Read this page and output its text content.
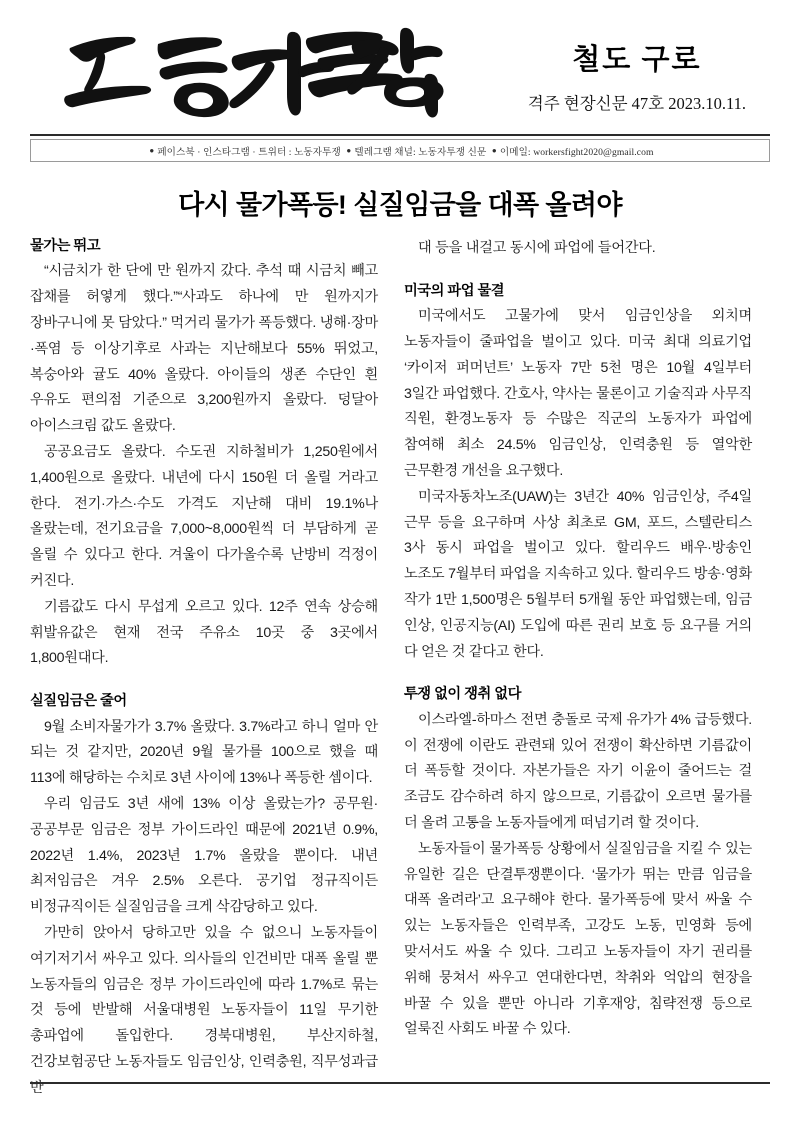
철도 구로
격주 현장신문 47호 2023.10.11.
● 페이스북 · 인스타그램 · 트위터 : 노동자투쟁 ● 텔레그램 채널: 노동자투쟁 신문 ● 이메일: workersfight2020@gmail.com
다시 물가폭등! 실질임금을 대폭 올려야
물가는 뛰고

“시금치가 한 단에 만 원까지 갔다. 추석 때 시금치 빼고 잡채를 허옇게 했다.”“사과도 하나에 만 원까지가 장바구니에 못 담았다.” 먹거리 물가가 폭등했다. 냉해·장마·폭염 등 이상기후로 사과는 지난해보다 55% 뛰었고, 복숭아와 귤도 40% 올랐다. 아이들의 생존 수단인 흰 우유도 편의점 기준으로 3,200원까지 올랐다. 덩달아 아이스크림 값도 올랐다.

공공요금도 올랐다. 수도권 지하철비가 1,250원에서 1,400원으로 올랐다. 내년에 다시 150원 더 올릴 거라고 한다. 전기·가스·수도 가격도 지난해 대비 19.1%나 올랐는데, 전기요금을 7,000~8,000원씩 더 부담하게 곧 올릴 수 있다고 한다. 겨울이 다가올수록 난방비 걱정이 커진다.

기름값도 다시 무섭게 오르고 있다. 12주 연속 상승해 휘발유값은 현재 전국 주유소 10곳 중 3곳에서 1,800원대다.

실질임금은 줄어

9월 소비자물가가 3.7% 올랐다. 3.7%라고 하니 얼마 안 되는 것 같지만, 2020년 9월 물가를 100으로 했을 때 113에 해당하는 수치로 3년 사이에 13%나 폭등한 셈이다.

우리 임금도 3년 새에 13% 이상 올랐는가? 공무원·공공부문 임금은 정부 가이드라인 때문에 2021년 0.9%, 2022년 1.4%, 2023년 1.7% 올랐을 뿐이다. 내년 최저임금은 겨우 2.5% 오른다. 공기업 정규직이든 비정규직이든 실질임금을 크게 삭감당하고 있다.

가만히 앉아서 당하고만 있을 수 없으니 노동자들이 여기저기서 싸우고 있다. 의사들의 인건비만 대폭 올릴 뿐 노동자들의 임금은 정부 가이드라인에 따라 1.7%로 묶는 것 등에 반발해 서울대병원 노동자들이 11일 무기한 총파업에 돌입한다. 경북대병원, 부산지하철, 건강보험공단 노동자들도 임금인상, 인력충원, 직무성과급 반

대 등을 내걸고 동시에 파업에 들어간다.

미국의 파업 물결

미국에서도 고물가에 맞서 임금인상을 외치며 노동자들이 줄파업을 벌이고 있다. 미국 최대 의료기업 ‘카이저 퍼머넌트’ 노동자 7만 5천 명은 10월 4일부터 3일간 파업했다. 간호사, 약사는 물론이고 기술직과 사무직 직원, 환경노동자 등 수많은 직군의 노동자가 파업에 참여해 최소 24.5% 임금인상, 인력충원 등 열악한 근무환경 개선을 요구했다.

미국자동차노조(UAW)는 3년간 40% 임금인상, 주4일 근무 등을 요구하며 사상 최초로 GM, 포드, 스텔란티스 3사 동시 파업을 벌이고 있다. 할리우드 배우·방송인 노조도 7월부터 파업을 지속하고 있다. 할리우드 방송·영화 작가 1만 1,500명은 5월부터 5개월 동안 파업했는데, 임금 인상, 인공지능(AI) 도입에 따른 권리 보호 등 요구를 거의 다 얻은 것 같다고 한다.

투쟁 없이 쟁취 없다

이스라엘-하마스 전면 충돌로 국제 유가가 4% 급등했다. 이 전쟁에 이란도 관련돼 있어 전쟁이 확산하면 기름값이 더 폭등할 것이다. 자본가들은 자기 이윤이 줄어드는 걸 조금도 감수하려 하지 않으므로, 기름값이 오르면 물가를 더 올려 고통을 노동자들에게 떠넘기려 할 것이다.

노동자들이 물가폭등 상황에서 실질임금을 지킬 수 있는 유일한 길은 단결투쟁뿐이다. ‘물가가 뛰는 만큼 임금을 대폭 올려라’고 요구해야 한다. 물가폭등에 맞서 싸울 수 있는 노동자들은 인력부족, 고강도 노동, 민영화 등에 맞서서도 싸울 수 있다. 그리고 노동자들이 자기 권리를 위해 뭉쳐서 싸우고 연대한다면, 착취와 억압의 현장을 바꿀 수 있을 뿐만 아니라 기후재앙, 침략전쟁 등으로 얼룩진 사회도 바꿀 수 있다.
